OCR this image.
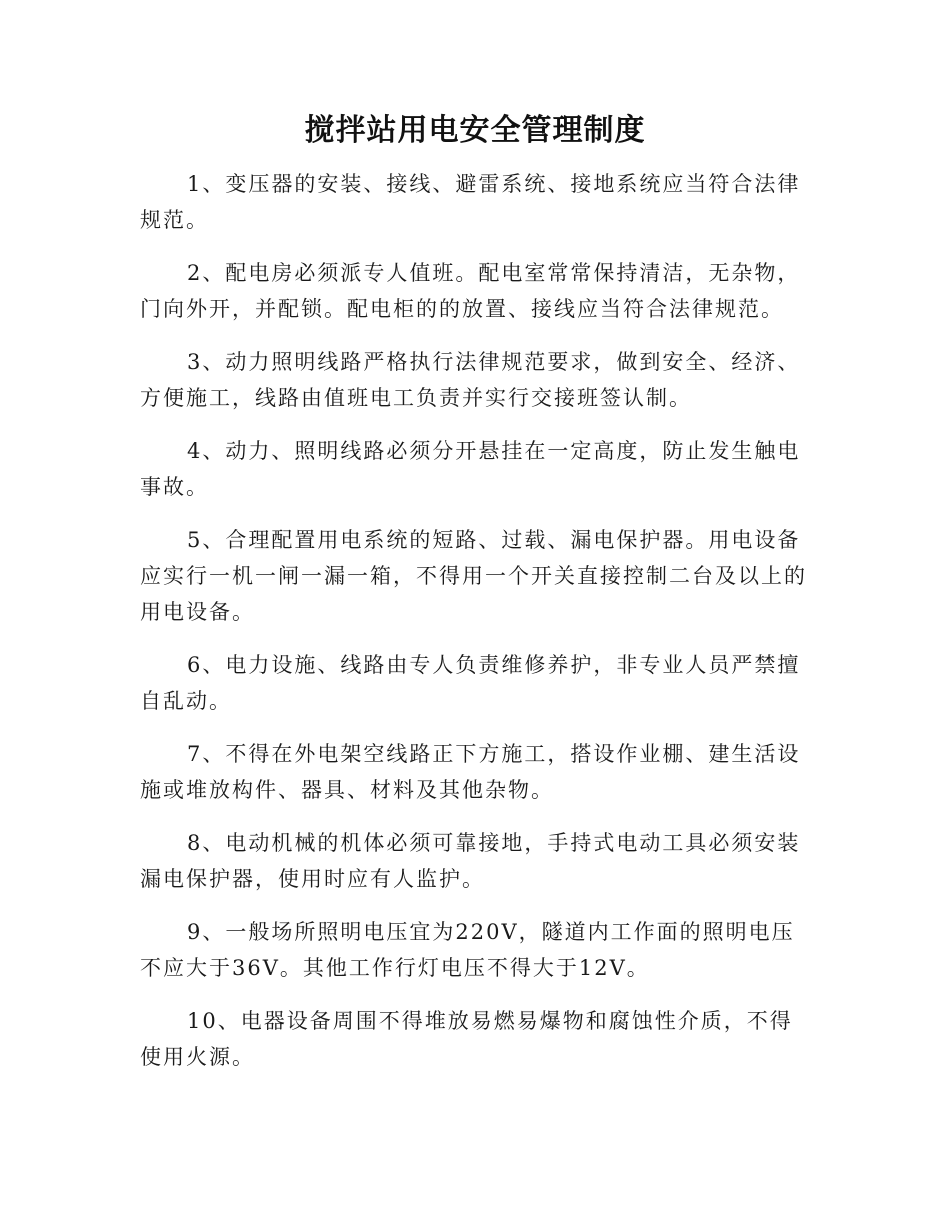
搅拌站用电安全管理制度

1、变压器的安装、接线、避雷系统、接地系统应当符合法律规范。

2、配电房必须派专人值班。配电室常常保持清洁，无杂物，门向外开，并配锁。配电柜的的放置、接线应当符合法律规范。

3、动力照明线路严格执行法律规范要求，做到安全、经济、方便施工，线路由值班电工负责并实行交接班签认制。

4、动力、照明线路必须分开悬挂在一定高度，防止发生触电事故。

5、合理配置用电系统的短路、过载、漏电保护器。用电设备应实行一机一闸一漏一箱，不得用一个开关直接控制二台及以上的用电设备。

6、电力设施、线路由专人负责维修养护，非专业人员严禁擅自乱动。

7、不得在外电架空线路正下方施工，搭设作业棚、建生活设施或堆放构件、器具、材料及其他杂物。

8、电动机械的机体必须可靠接地，手持式电动工具必须安装漏电保护器，使用时应有人监护。

9、一般场所照明电压宜为220V，隧道内工作面的照明电压不应大于36V。其他工作行灯电压不得大于12V。

10、电器设备周围不得堆放易燃易爆物和腐蚀性介质，不得使用火源。
